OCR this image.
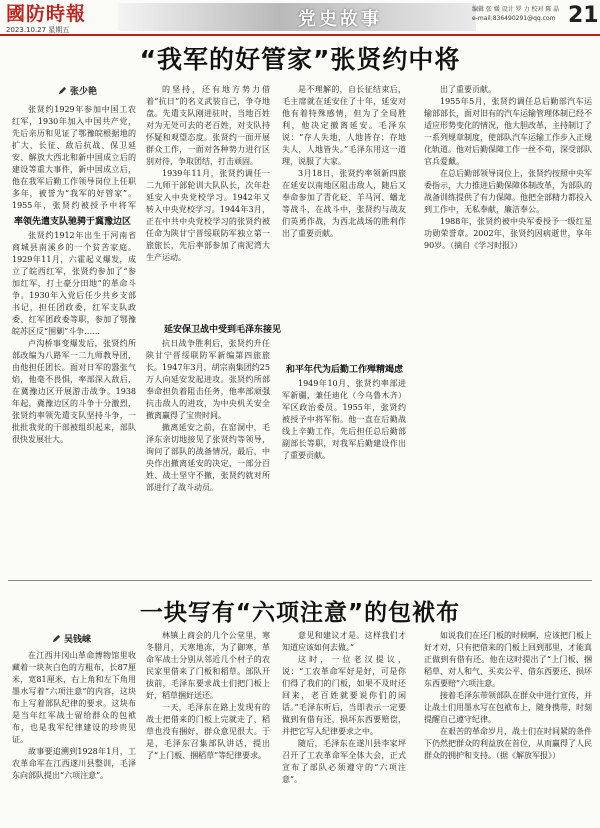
國防時報
2023.10.27 星期五	党史故事	编辑 张 媛 设计 罗 力 校对 陈 晶
e-mail:836490291@qq.com 21
“我军的好管家”张贤约中将
张少艳

张贤约1929年参加中国工农红军，1930年加入中国共产党，先后亲历和见证了鄂豫皖根据地的扩大、长征、敌后抗战、保卫延安、解放大西北和新中国成立后的建设等重大事件，新中国成立后，他在我军后勤工作领导岗位上任职多年，被誉为“我军的好管家”。1955年，张贤约被授予中将军

率领先遣支队驰骋于冀豫边区

张贤约1912年出生于河南省商城县南溪乡的一个贫苦家庭。1929年11月，六霍起义爆发，成立了皖西红军，张贤约参加了“参加红军，打土豪分田地”的革命斗争。1930年入党后任少共乡支部书记，担任团政委，红军支队政委、红军团政委等职，参加了鄂豫皖苏区反“围剿”斗争……

卢沟桥事变爆发后，张贤约所部改编为八路军一二九师教导团，由他担任团长。面对日军的嚣张气焰，他毫不畏惧，率部深入敌后，在冀豫边区开展游击战争。1938年起，冀豫边区的斗争十分激烈，张贤约率领先遣支队坚持斗争，一批批我党的干部被组织起来，部队很快发展壮大。

的坚持，还有地方势力借着“抗日”的名义武装自己，争夺地盘。先遣支队刚进驻时，当地百姓对为无处可去的老百姓，对支队持怀疑和观望态度。张贤约一面开展群众工作，一面对各种势力进行区别对待，争取团结，打击顽固。

1939年11月，张贤约调任一二九师干部轮训大队队长，次年赴延安入中央党校学习。1942年又转入中央党校学习。1944年3月，正在中共中央党校学习的张贤约被任命为陕甘宁晋绥联防军独立第一旅旅长，先后率部参加了南泥湾大生产运动。

延安保卫战中受到毛泽东接见

抗日战争胜利后，张贤约升任陕甘宁晋绥联防军新编第四旅旅长。1947年3月，胡宗南集团约25万人向延安发起进攻。张贤约所部奉命担负着阻击任务，他率部顽强抗击敌人的进攻，为中央机关安全撤离赢得了宝贵时间。

撤离延安之前，在窑洞中，毛泽东亲切地接见了张贤约等领导，询问了部队的战备情况，最后，中央作出撤离延安的决定，一部分百姓、战士坚守不撤，张贤约就对所部进行了战斗动员。

是不理解的，自长征结束后，毛主席就在延安住了十年，延安对他有着特殊感情，但为了全局胜利，他决定撤离延安。毛泽东说：“存人失地，人地皆存；存地失人，人地皆失。”毛泽东用这一道理，说服了大家。

3月18日，张贤约率领新四旅在延安以南地区阻击敌人，随后又奉命参加了青化砭、羊马河、蟠龙等战斗，在战斗中，张贤约与战友们英勇作战，为西北战场的胜利作出了重要贡献。

和平年代为后勤工作殚精竭虑

1949年10月，张贤约率部进军新疆，兼任迪化（今乌鲁木齐）军区政治委员。1955年，张贤约被授予中将军衔。他一直在后勤战线上辛勤工作，先后担任总后勤部副部长等职，对我军后勤建设作出了重要贡献。

出了重要贡献。

1955年5月，张贤约调任总后勤部汽车运输部部长，面对旧有的汽车运输管理体制已经不适应形势变化的情况，他大胆改革，主持制订了一系列规章制度，使部队汽车运输工作步入正规化轨道。他对后勤保障工作一丝不苟，深受部队官兵爱戴。

在总后勤部领导岗位上，张贤约按照中央军委指示，大力推进后勤保障体制改革，为部队的战备训练提供了有力保障。他把全部精力都投入到工作中，无私奉献，廉洁奉公。

1988年，张贤约被中央军委授予一级红星功勋荣誉章。2002年，张贤约因病逝世，享年90岁。（摘自《学习时报》）

一块写有“六项注意”的包袱布
吴钱崃

在江西井冈山革命博物馆里收藏着一块灰白色的方粗布，长87厘米，宽81厘米，右上角和左下角用墨水写着“六项注意”的内容，这块布上写着部队纪律的要求。这块布是当年红军战士留给群众的包袱布，也是我军纪律建设的珍贵见证。

故事要追溯到1928年1月，工农革命军在江西遂川县整训，毛泽东向部队提出“六项注意”。

林镇上商会的几个公堂里，寒冬腊月，天寒地冻，为了御寒，革命军战士分别从邻近几个村子的农民家里借来了门板和稻草。部队开拔前，毛泽东要求战士们把门板上好，稻草捆好送还。

一天，毛泽东在路上发现有的战士把借来的门板上完就走了，稻草也没有捆好，群众意见很大。于是，毛泽东召集部队讲话，提出了“上门板、捆稻草”等纪律要求。

意见和建议才是。这样我们才知道应该如何去做。”

这时，一位老汉提议，说：“工农革命军好是好，可是你们得了我们的门板，如果不及时还回来，老百姓就要说你们的闲话。”毛泽东听后，当即表示一定要做到有借有还，损坏东西要赔偿，并把它写入纪律要求之中。

随后，毛泽东在遂川县李家坪召开了工农革命军全体大会，正式宣布了部队必须遵守的“六项注意”。

如说我们在还门板的时候啊，应该把门板上好才对，只有把借来的门板上回到那里，才能真正做到有借有还。他在这时提出了“上门板、捆稻草、对人和气、买卖公平、借东西要还、损坏东西要赔”六项注意。

接着毛泽东带领部队在群众中进行宣传，并让战士们用墨水写在包袱布上，随身携带，时刻提醒自己遵守纪律。

在艰苦的革命岁月，战士们在时间紧的条件下仍然把群众的利益放在首位，从而赢得了人民群众的拥护和支持。（据《解放军报》）
